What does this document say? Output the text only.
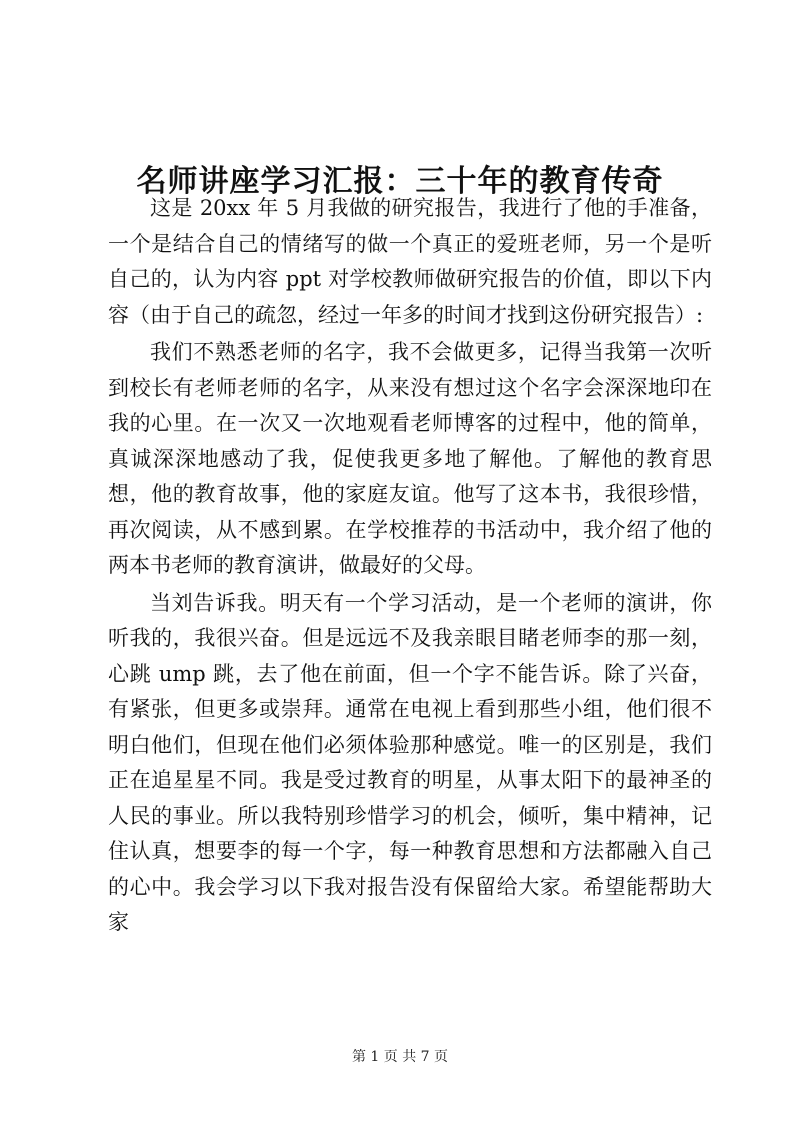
名师讲座学习汇报：三十年的教育传奇

这是 20xx 年 5 月我做的研究报告，我进行了他的手准备，一个是结合自己的情绪写的做一个真正的爱班老师，另一个是听自己的，认为内容 ppt 对学校教师做研究报告的价值，即以下内容（由于自己的疏忽，经过一年多的时间才找到这份研究报告）:

我们不熟悉老师的名字，我不会做更多，记得当我第一次听到校长有老师老师的名字，从来没有想过这个名字会深深地印在我的心里。在一次又一次地观看老师博客的过程中，他的简单，真诚深深地感动了我，促使我更多地了解他。了解他的教育思想，他的教育故事，他的家庭友谊。他写了这本书，我很珍惜，再次阅读，从不感到累。在学校推荐的书活动中，我介绍了他的两本书老师的教育演讲，做最好的父母。

当刘告诉我。明天有一个学习活动，是一个老师的演讲，你听我的，我很兴奋。但是远远不及我亲眼目睹老师李的那一刻，心跳 ump 跳，去了他在前面，但一个字不能告诉。除了兴奋，有紧张，但更多或崇拜。通常在电视上看到那些小组，他们很不明白他们，但现在他们必须体验那种感觉。唯一的区别是，我们正在追星星不同。我是受过教育的明星，从事太阳下的最神圣的人民的事业。所以我特别珍惜学习的机会，倾听，集中精神，记住认真，想要李的每一个字，每一种教育思想和方法都融入自己的心中。我会学习以下我对报告没有保留给大家。希望能帮助大家

第 1 页 共 7 页
